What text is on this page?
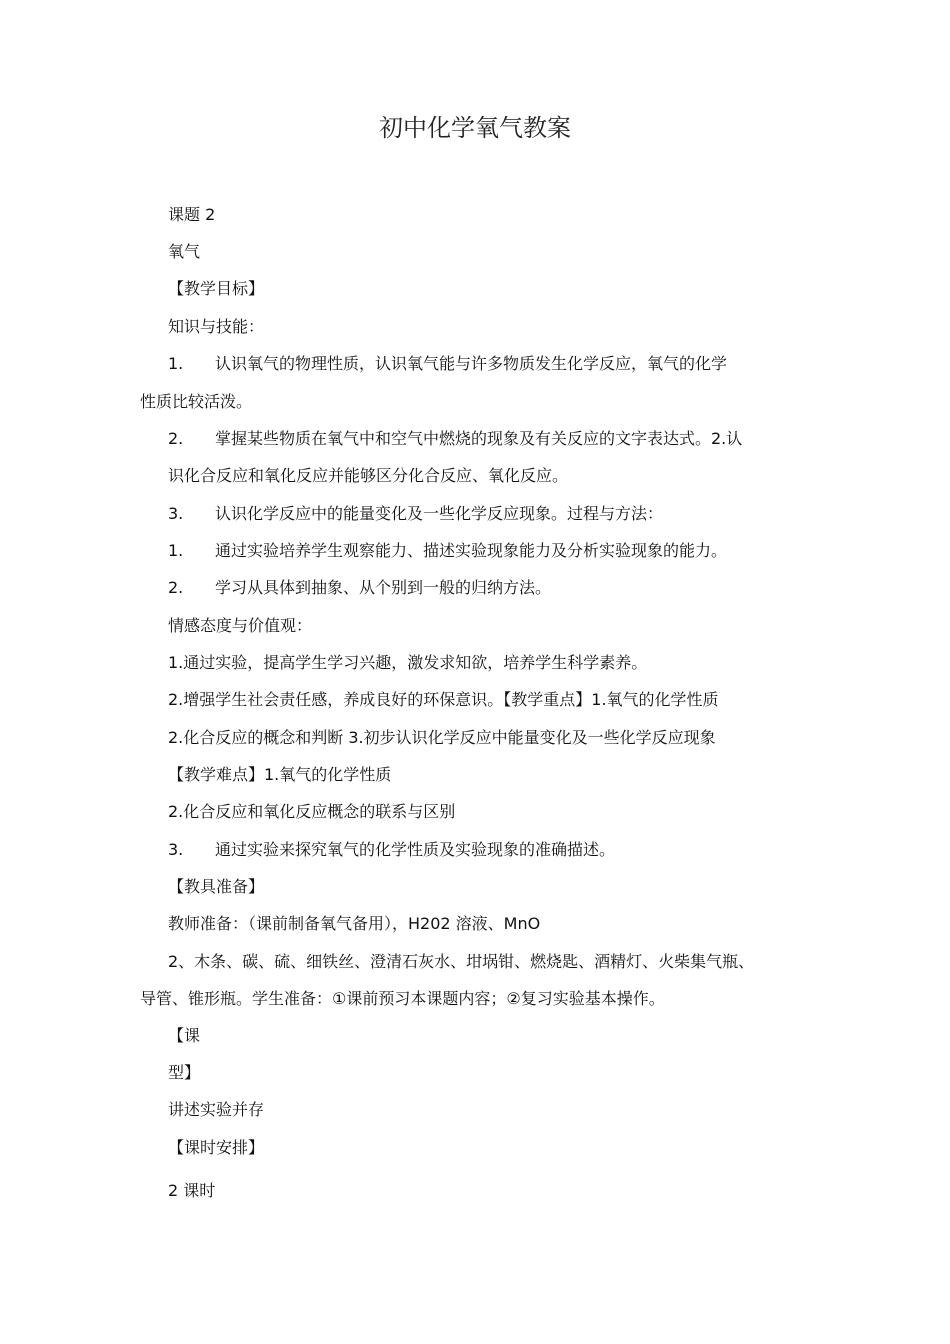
初中化学氧气教案
课题 2
氧气
【教学目标】
知识与技能：
1. 认识氧气的物理性质，认识氧气能与许多物质发生化学反应，氧气的化学
性质比较活泼。
2. 掌握某些物质在氧气中和空气中燃烧的现象及有关反应的文字表达式。2.认
识化合反应和氧化反应并能够区分化合反应、氧化反应。
3. 认识化学反应中的能量变化及一些化学反应现象。过程与方法：
1. 通过实验培养学生观察能力、描述实验现象能力及分析实验现象的能力。
2. 学习从具体到抽象、从个别到一般的归纳方法。
情感态度与价值观：
1.通过实验，提高学生学习兴趣，激发求知欲，培养学生科学素养。
2.增强学生社会责任感，养成良好的环保意识。【教学重点】1.氧气的化学性质
2.化合反应的概念和判断 3.初步认识化学反应中能量变化及一些化学反应现象
【教学难点】1.氧气的化学性质
2.化合反应和氧化反应概念的联系与区别
3. 通过实验来探究氧气的化学性质及实验现象的准确描述。
【教具准备】
教师准备：（课前制备氧气备用），H202 溶液、MnO
2、木条、碳、硫、细铁丝、澄清石灰水、坩埚钳、燃烧匙、酒精灯、火柴集气瓶、
导管、锥形瓶。学生准备：①课前预习本课题内容；②复习实验基本操作。
【课
型】
讲述实验并存
【课时安排】
2 课时
